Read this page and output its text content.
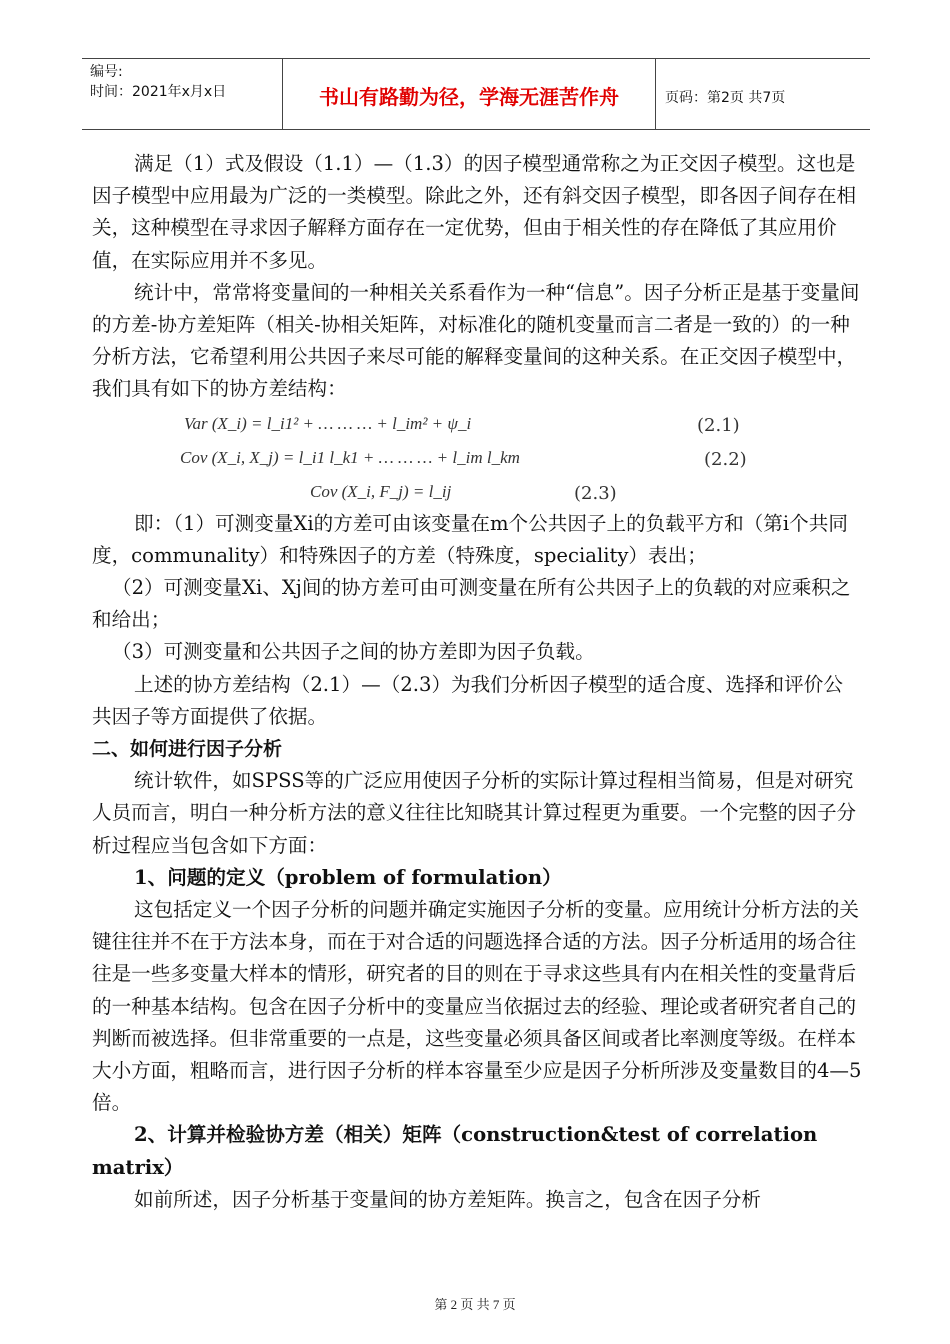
编号:
时间：2021年x月x日	书山有路勤为径，学海无涯苦作舟	页码：第2页 共7页

满足（1）式及假设（1.1）—（1.3）的因子模型通常称之为正交因子模型。这也是因子模型中应用最为广泛的一类模型。除此之外，还有斜交因子模型，即各因子间存在相关，这种模型在寻求因子解释方面存在一定优势，但由于相关性的存在降低了其应用价值，在实际应用并不多见。

统计中，常常将变量间的一种相关关系看作为一种“信息”。因子分析正是基于变量间的方差-协方差矩阵（相关-协相关矩阵，对标准化的随机变量而言二者是一致的）的一种分析方法，它希望利用公共因子来尽可能的解释变量间的这种关系。在正交因子模型中，我们具有如下的协方差结构：

Var (X_i) = l_i1² + … … … + l_im² + ψ_i	(2.1)
Cov (X_i, X_j) = l_i1 l_k1 + … … … + l_im l_km	(2.2)
Cov (X_i, F_j) = l_ij	(2.3)

即：（1）可测变量Xi的方差可由该变量在m个公共因子上的负载平方和（第i个共同度，communality）和特殊因子的方差（特殊度，speciality）表出；

（2）可测变量Xi、Xj间的协方差可由可测变量在所有公共因子上的负载的对应乘积之和给出；

（3）可测变量和公共因子之间的协方差即为因子负载。

上述的协方差结构（2.1）—（2.3）为我们分析因子模型的适合度、选择和评价公共因子等方面提供了依据。

二、如何进行因子分析

统计软件，如SPSS等的广泛应用使因子分析的实际计算过程相当简易，但是对研究人员而言，明白一种分析方法的意义往往比知晓其计算过程更为重要。一个完整的因子分析过程应当包含如下方面：

1、问题的定义（problem of formulation）

这包括定义一个因子分析的问题并确定实施因子分析的变量。应用统计分析方法的关键往往并不在于方法本身，而在于对合适的问题选择合适的方法。因子分析适用的场合往往是一些多变量大样本的情形，研究者的目的则在于寻求这些具有内在相关性的变量背后的一种基本结构。包含在因子分析中的变量应当依据过去的经验、理论或者研究者自己的判断而被选择。但非常重要的一点是，这些变量必须具备区间或者比率测度等级。在样本大小方面，粗略而言，进行因子分析的样本容量至少应是因子分析所涉及变量数目的4—5倍。

2、计算并检验协方差（相关）矩阵（construction&test of correlation matrix）

如前所述，因子分析基于变量间的协方差矩阵。换言之，包含在因子分析

第 2 页 共 7 页
